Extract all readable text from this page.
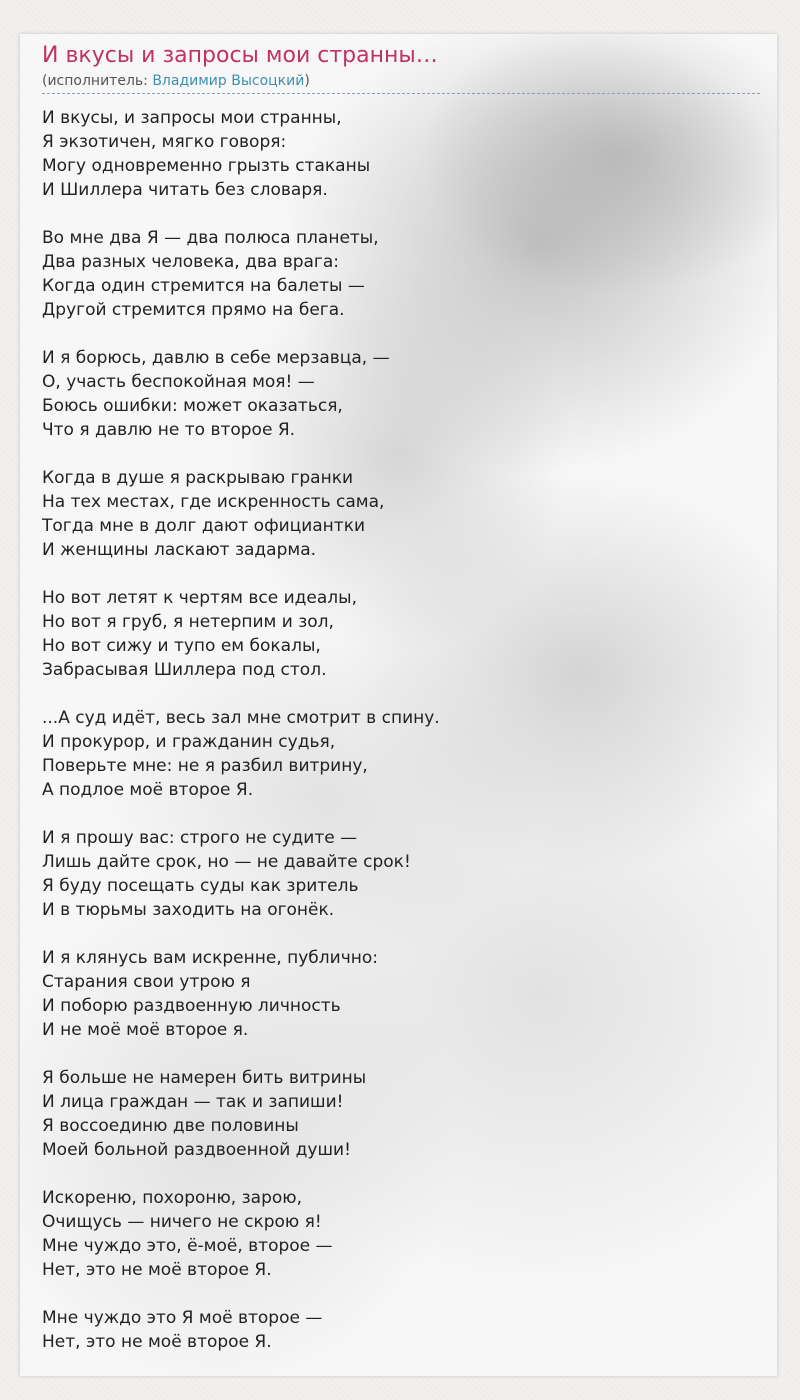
И вкусы и запросы мои странны…
(исполнитель: Владимир Высоцкий)
И вкусы, и запросы мои странны,
Я экзотичен, мягко говоря:
Могу одновременно грызть стаканы
И Шиллера читать без словаря.
Во мне два Я — два полюса планеты,
Два разных человека, два врага:
Когда один стремится на балеты —
Другой стремится прямо на бега.
И я борюсь, давлю в себе мерзавца, —
О, участь беспокойная моя! —
Боюсь ошибки: может оказаться,
Что я давлю не то второе Я.
Когда в душе я раскрываю гранки
На тех местах, где искренность сама,
Тогда мне в долг дают официантки
И женщины ласкают задарма.
Но вот летят к чертям все идеалы,
Но вот я груб, я нетерпим и зол,
Но вот сижу и тупо ем бокалы,
Забрасывая Шиллера под стол.
...А суд идёт, весь зал мне смотрит в спину.
И прокурор, и гражданин судья,
Поверьте мне: не я разбил витрину,
А подлое моё второе Я.
И я прошу вас: строго не судите —
Лишь дайте срок, но — не давайте срок!
Я буду посещать суды как зритель
И в тюрьмы заходить на огонёк.
И я клянусь вам искренне, публично:
Старания свои утрою я
И поборю раздвоенную личность
И не моё моё второе я.
Я больше не намерен бить витрины
И лица граждан — так и запиши!
Я воссоединю две половины
Моей больной раздвоенной души!
Искореню, похороню, зарою,
Очищусь — ничего не скрою я!
Мне чуждо это, ё-моё, второе —
Нет, это не моё второе Я.
Мне чуждо это Я моё второе —
Нет, это не моё второе Я.
